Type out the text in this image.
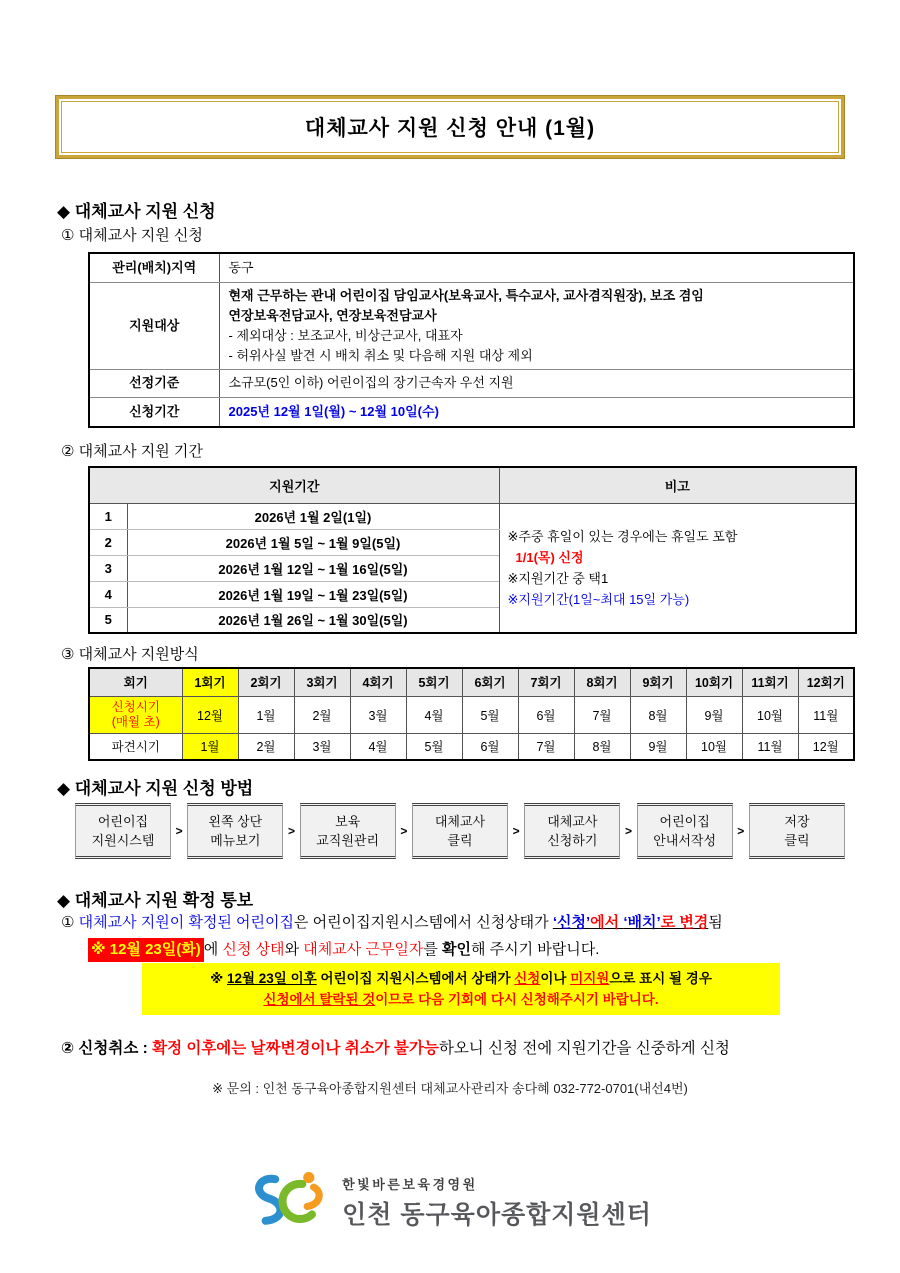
대체교사 지원 신청 안내 (1월)
◆ 대체교사 지원 신청
① 대체교사 지원 신청
관리(배치)지역	동구
지원대상	현재 근무하는 관내 어린이집 담임교사(보육교사, 특수교사, 교사겸직원장), 보조 겸임
연장보육전담교사, 연장보육전담교사
- 제외대상 : 보조교사, 비상근교사, 대표자
- 허위사실 발견 시 배치 취소 및 다음해 지원 대상 제외

선정기준	소규모(5인 이하) 어린이집의 장기근속자 우선 지원
신청기간	2025년 12월 1일(월) ~ 12월 10일(수)
② 대체교사 지원 기간
지원기간		비고
1	2026년 1월 2일(1일)	※주중 휴일이 있는 경우에는 휴일도 포함
1/1(목) 신정
※지원기간 중 택1
※지원기간(1일~최대 15일 가능)

2	2026년 1월 5일 ~ 1월 9일(5일)	
3	2026년 1월 12일 ~ 1월 16일(5일)	
4	2026년 1월 19일 ~ 1월 23일(5일)	
5	2026년 1월 26일 ~ 1월 30일(5일)	
③ 대체교사 지원방식
회기	1회기	2회기	3회기	4회기	5회기	6회기	7회기	8회기	9회기	10회기	11회기	12회기

신청시기
(매월 초)	12월	1월	2월	3월	4월	5월	6월	7월	8월	9월	10월	11월
파견시기	1월	2월	3월	4월	5월	6월	7월	8월	9월	10월	11월	12월
◆ 대체교사 지원 신청 방법
어린이집
지원시스템
>
왼쪽 상단
메뉴보기
>
보육
교직원관리
>
대체교사
클릭
>
대체교사
신청하기
>
어린이집
안내서작성
>
저장
클릭
◆ 대체교사 지원 확정 통보
① 대체교사 지원이 확정된 어린이집은 어린이집지원시스템에서 신청상태가 ‘신청’에서 ‘배치’로 변경됨
※ 12월 23일(화) 에 신청 상태와 대체교사 근무일자를 확인해 주시기 바랍니다.
※ 12월 23일 이후 어린이집 지원시스템에서 상태가 신청이나 미지원으로 표시 될 경우
신청에서 탈락된 것이므로 다음 기회에 다시 신청해주시기 바랍니다.
② 신청취소 : 확정 이후에는 날짜변경이나 취소가 불가능하오니 신청 전에 지원기간을 신중하게 신청
※ 문의 : 인천 동구육아종합지원센터 대체교사관리자 송다혜 032-772-0701(내선4번)
한빛바른보육경영원
인천 동구육아종합지원센터
